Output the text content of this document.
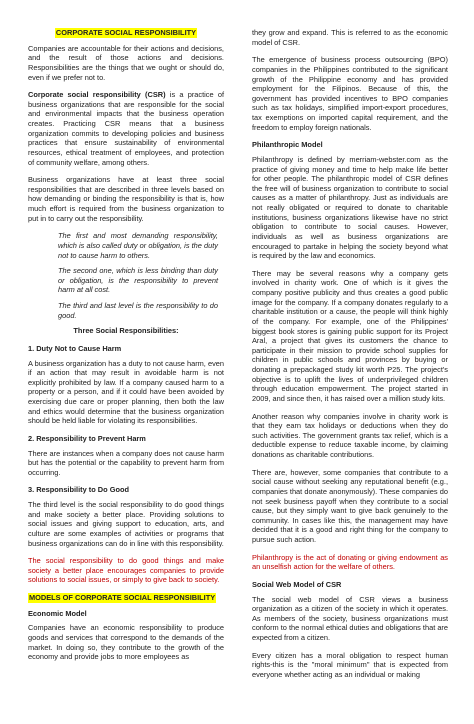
CORPORATE SOCIAL RESPONSIBILITY

Companies are accountable for their actions and decisions, and the result of those actions and decisions. Responsibilities are the things that we ought or should do, even if we prefer not to.

Corporate social responsibility (CSR) is a practice of business organizations that are responsible for the social and environmental impacts that the business operation creates. Practicing CSR means that a business organization commits to developing policies and business practices that ensure sustainability of environmental resources, ethical treatment of employees, and protection of community welfare, among others.

Business organizations have at least three social responsibilities that are described in three levels based on how demanding or binding the responsibility is that is, how much effort is required from the business organization to put in to carry out the responsibility.

The first and most demanding responsibility, which is also called duty or obligation, is the duty not to cause harm to others.
The second one, which is less binding than duty or obligation, is the responsibility to prevent harm at all cost.
The third and last level is the responsibility to do good.
Three Social Responsibilities:
1. Duty Not to Cause Harm

A business organization has a duty to not cause harm, even if an action that may result in avoidable harm is not explicitly prohibited by law. If a company caused harm to a property or a person, and if it could have been avoided by exercising due care or proper planning, then both the law and ethics would determine that the business organization should be held liable for violating its responsibilities.

2. Responsibility to Prevent Harm

There are instances when a company does not cause harm but has the potential or the capability to prevent harm from occurring.

3. Responsibility to Do Good

The third level is the social responsibility to do good things and make society a better place. Providing solutions to social issues and giving support to education, arts, and culture are some examples of activities or programs that business organizations can do in line with this responsibility.

The social responsibility to do good things and make society a better place encourages companies to provide solutions to social issues, or simply to give back to society.

MODELS OF CORPORATE SOCIAL RESPONSIBILITY
Economic Model

Companies have an economic responsibility to produce goods and services that correspond to the demands of the market. In doing so, they contribute to the growth of the economy and provide jobs to more employees as

they grow and expand. This is referred to as the economic model of CSR.

The emergence of business process outsourcing (BPO) companies in the Philippines contributed to the significant growth of the Philippine economy and has provided employment for the Filipinos. Because of this, the government has provided incentives to BPO companies such as tax holidays, simplified import-export procedures, tax exemptions on imported capital requirement, and the freedom to employ foreign nationals.

Philanthropic Model

Philanthropy is defined by merriam-webster.com as the practice of giving money and time to help make life better for other people. The philanthropic model of CSR defines the free will of business organization to contribute to social causes as a matter of philanthropy. Just as individuals are not really obligated or required to donate to charitable institutions, business organizations likewise have no strict obligation to contribute to social causes. However, individuals as well as business organizations are encouraged to partake in helping the society beyond what is required by the law and economics.

There may be several reasons why a company gets involved in charity work. One of which is it gives the company positive publicity and thus creates a good public image for the company. If a company donates regularly to a charitable institution or a cause, the people will think highly of the company. For example, one of the Philippines' biggest book stores is gaining public support for its Project Aral, a project that gives its customers the chance to participate in their mission to provide school supplies for children in public schools and provinces by buying or donating a prepackaged study kit worth P25. The project's objective is to uplift the lives of underprivileged children through education empowerment. The project started in 2009, and since then, it has raised over a million study kits.

Another reason why companies involve in charity work is that they earn tax holidays or deductions when they do such activities. The government grants tax relief, which is a deductible expense to reduce taxable income, by claiming donations as charitable contributions.

There are, however, some companies that contribute to a social cause without seeking any reputational benefit (e.g., companies that donate anonymously). These companies do not seek business payoff when they contribute to a social cause, but they simply want to give back genuinely to the community. In cases like this, the management may have decided that it is a good and right thing for the company to pursue such action.

Philanthropy is the act of donating or giving endowment as an unselfish action for the welfare of others.

Social Web Model of CSR

The social web model of CSR views a business organization as a citizen of the society in which it operates. As members of the society, business organizations must conform to the normal ethical duties and obligations that are expected from a citizen.

Every citizen has a moral obligation to respect human rights-this is the "moral minimum" that is expected from everyone whether acting as an individual or making
